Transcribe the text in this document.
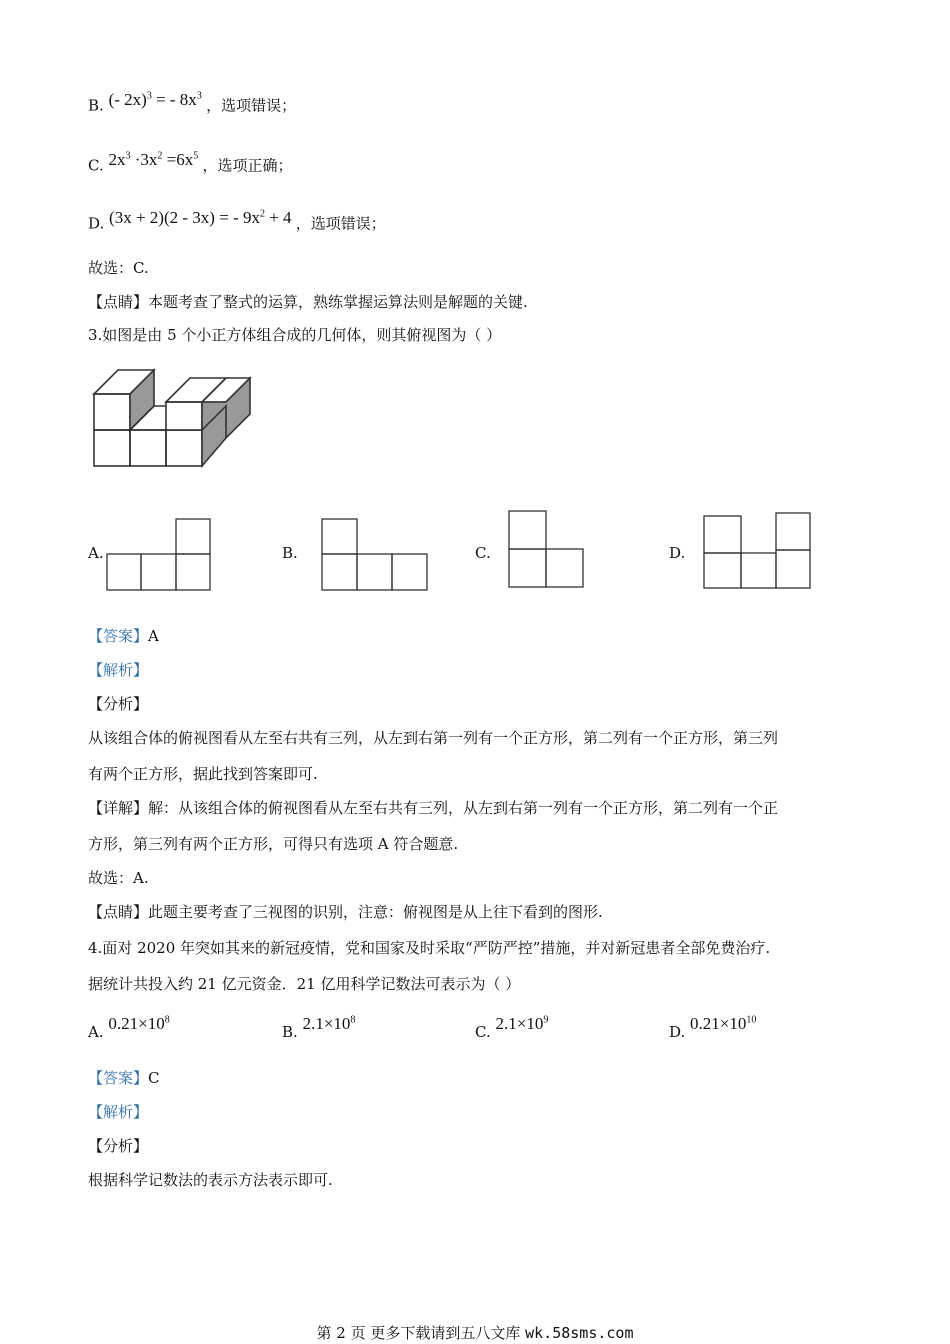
B. (- 2x)$^3$ = - $8x^3$ ，选项错误；
C. $2x^3 \cdot 3x^2 =6x^5$ ，选项正确；
D. (3x + 2)(2 - 3x) = - $9x^2 + 4$ ，选项错误；
故选：C.
【点睛】本题考查了整式的运算，熟练掌握运算法则是解题的关键.
3.如图是由 5 个小正方体组合成的几何体，则其俯视图为（ ）
A.	B.	C.	D.
【答案】A
【解析】
【分析】
从该组合体的俯视图看从左至右共有三列，从左到右第一列有一个正方形，第二列有一个正方形，第三列
有两个正方形，据此找到答案即可.
【详解】解：从该组合体的俯视图看从左至右共有三列，从左到右第一列有一个正方形，第二列有一个正
方形，第三列有两个正方形，可得只有选项 A 符合题意.
故选：A.
【点睛】此题主要考查了三视图的识别，注意：俯视图是从上往下看到的图形.
4.面对 2020 年突如其来的新冠疫情，党和国家及时采取“严防严控”措施，并对新冠患者全部免费治疗.
据统计共投入约 21 亿元资金．21 亿用科学记数法可表示为（ ）
A. $0.21\times 10^8$
B. $2.1\times 10^8$
C. $2.1\times 10^9$
D. $0.21\times 10^{10}$
【答案】C
【解析】
【分析】
根据科学记数法的表示方法表示即可.
第 2 页 更多下载请到五八文库 wk.58sms.com
